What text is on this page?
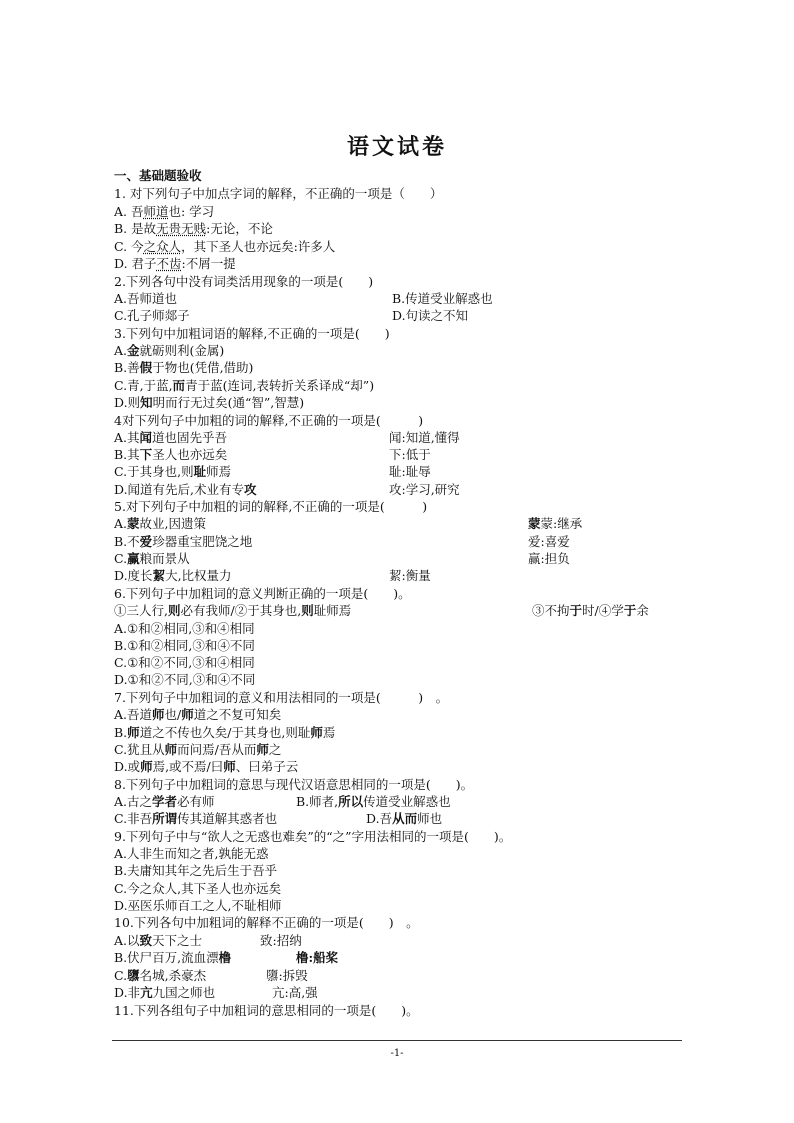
语文试卷
一、基础题验收
1. 对下列句子中加点字词的解释，不正确的一项是（　　）
A. 吾师道也: 学习
B. 是故无贵无贱:无论，不论
C. 今之众人，其下圣人也亦远矣:许多人
D. 君子不齿:不屑一提
2.下列各句中没有词类活用现象的一项是(　　)
A.吾师道也	B.传道受业解惑也
C.孔子师郯子	D.句读之不知
3.下列句中加粗词语的解释,不正确的一项是(　　)
A.金就砺则利(金属)
B.善假于物也(凭借,借助)
C.青,于蓝,而青于蓝(连词,表转折关系译成“却”)
D.则知明而行无过矣(通“智”,智慧)
4对下列句子中加粗的词的解释,不正确的一项是(　　　)
A.其闻道也固先乎吾	闻:知道,懂得
B.其下圣人也亦远矣	下:低于
C.于其身也,则耻师焉	耻:耻辱
D.闻道有先后,术业有专攻	攻:学习,研究
5.对下列句子中加粗的词的解释,不正确的一项是(　　　)
A.蒙故业,因遗策	蒙蒙:继承
B.不爱珍器重宝肥饶之地	爱:喜爱
C.赢粮而景从	赢:担负
D.度长絜大,比权量力	絜:衡量
6.下列句子中加粗词的意义判断正确的一项是(　　)。
①三人行,则必有我师/②于其身也,则耻师焉	③不拘于时/④学于余
A.①和②相同,③和④相同
B.①和②相同,③和④不同
C.①和②不同,③和④相同
D.①和②不同,③和④不同
7.下列句子中加粗词的意义和用法相同的一项是(　　　)　。
A.吾道师也/师道之不复可知矣
B.师道之不传也久矣/于其身也,则耻师焉
C.犹且从师而问焉/吾从而师之
D.或师焉,或不焉/曰师、曰弟子云
8.下列句子中加粗词的意思与现代汉语意思相同的一项是(　　)。
A.古之学者必有师	B.师者,所以传道受业解惑也
C.非吾所谓传其道解其惑者也	D.吾从而师也
9.下列句子中与“欲人之无惑也难矣”的“之”字用法相同的一项是(　　)。
A.人非生而知之者,孰能无惑
B.夫庸知其年之先后生于吾乎
C.今之众人,其下圣人也亦远矣
D.巫医乐师百工之人,不耻相师
10.下列各句中加粗词的解释不正确的一项是(　　)　。
A.以致天下之士	致:招纳
B.伏尸百万,流血漂橹	橹:船桨
C.隳名城,杀豪杰	隳:拆毁
D.非亢九国之师也	亢:高,强
11.下列各组句子中加粗词的意思相同的一项是(　　)。
-1-
